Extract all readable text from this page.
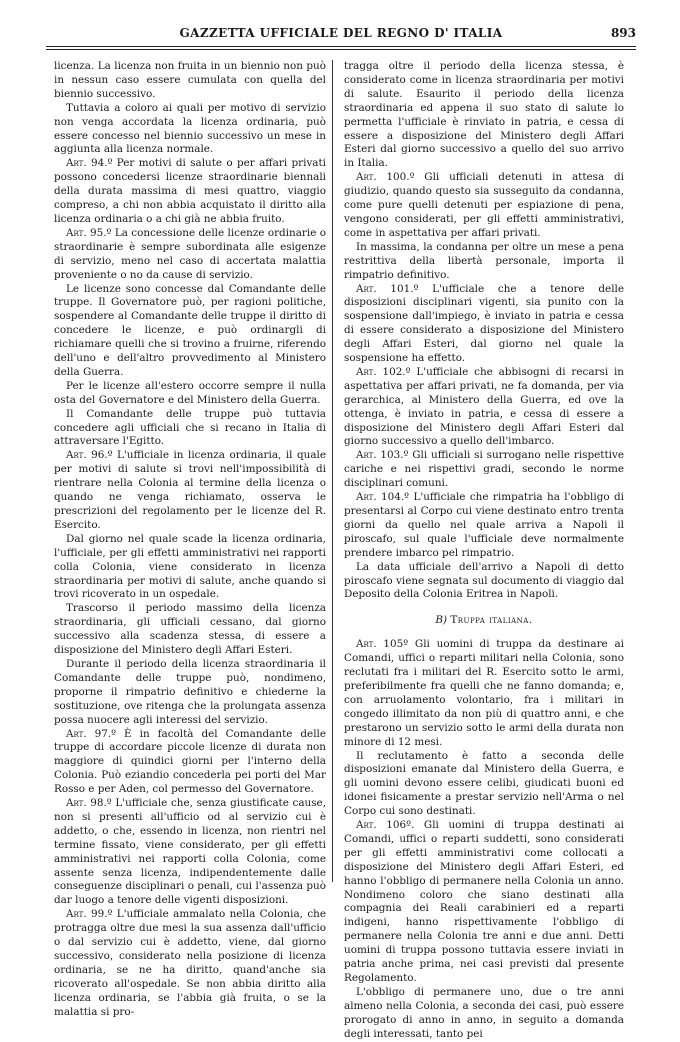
GAZZETTA UFFICIALE DEL REGNO D' ITALIA	893

licenza. La licenza non fruita in un biennio non può in nessun caso essere cumulata con quella del biennio successivo.

Tuttavia a coloro ai quali per motivo di servizio non venga accordata la licenza ordinaria, può essere concesso nel biennio successivo un mese in aggiunta alla licenza normale.

Art. 94.º Per motivi di salute o per affari privati possono concedersi licenze straordinarie biennali della durata massima di mesi quattro, viaggio compreso, a chi non abbia acquistato il diritto alla licenza ordinaria o a chi già ne abbia fruito.

Art. 95.º La concessione delle licenze ordinarie o straordinarie è sempre subordinata alle esigenze di servizio, meno nel caso di accertata malattia proveniente o no da cause di servizio.

Le licenze sono concesse dal Comandante delle truppe. Il Governatore può, per ragioni politiche, sospendere al Comandante delle truppe il diritto di concedere le licenze, e può ordinargli di richiamare quelli che si trovino a fruirne, riferendo dell'uno e dell'altro provvedimento al Ministero della Guerra.

Per le licenze all'estero occorre sempre il nulla osta del Governatore e del Ministero della Guerra.

Il Comandante delle truppe può tuttavia concedere agli ufficiali che si recano in Italia di attraversare l'Egitto.

Art. 96.º L'ufficiale in licenza ordinaria, il quale per motivi di salute si trovi nell'impossibilità di rientrare nella Colonia al termine della licenza o quando ne venga richiamato, osserva le prescrizioni del regolamento per le licenze del R. Esercito.

Dal giorno nel quale scade la licenza ordinaria, l'ufficiale, per gli effetti amministrativi nei rapporti colla Colonia, viene considerato in licenza straordinaria per motivi di salute, anche quando si trovi ricoverato in un ospedale.

Trascorso il periodo massimo della licenza straordinaria, gli ufficiali cessano, dal giorno successivo alla scadenza stessa, di essere a disposizione del Ministero degli Affari Esteri.

Durante il periodo della licenza straordinaria il Comandante delle truppe può, nondimeno, proporne il rimpatrio definitivo e chiederne la sostituzione, ove ritenga che la prolungata assenza possa nuocere agli interessi del servizio.

Art. 97.º È in facoltà del Comandante delle truppe di accordare piccole licenze di durata non maggiore di quindici giorni per l'interno della Colonia. Può eziandio concederla pei porti del Mar Rosso e per Aden, col permesso del Governatore.

Art. 98.º L'ufficiale che, senza giustificate cause, non si presenti all'ufficio od al servizio cui è addetto, o che, essendo in licenza, non rientri nel termine fissato, viene considerato, per gli effetti amministrativi nei rapporti colla Colonia, come assente senza licenza, indipendentemente dalle conseguenze disciplinari o penali, cui l'assenza può dar luogo a tenore delle vigenti disposizioni.

Art. 99.º L'ufficiale ammalato nella Colonia, che protragga oltre due mesi la sua assenza dall'ufficio o dal servizio cui è addetto, viene, dal giorno successivo, considerato nella posizione di licenza ordinaria, se ne ha diritto, quand'anche sia ricoverato all'ospedale. Se non abbia diritto alla licenza ordinaria, se l'abbia già fruita, o se la malattia si pro-

tragga oltre il periodo della licenza stessa, è considerato come in licenza straordinaria per motivi di salute. Esaurito il periodo della licenza straordinaria ed appena il suo stato di salute lo permetta l'ufficiale è rinviato in patria, e cessa di essere a disposizione del Ministero degli Affari Esteri dal giorno successivo a quello del suo arrivo in Italia.

Art. 100.º Gli ufficiali detenuti in attesa di giudizio, quando questo sia susseguito da condanna, come pure quelli detenuti per espiazione di pena, vengono considerati, per gli effetti amministrativi, come in aspettativa per affari privati.

In massima, la condanna per oltre un mese a pena restrittiva della libertà personale, importa il rimpatrio definitivo.

Art. 101.º L'ufficiale che a tenore delle disposizioni disciplinari vigenti, sia punito con la sospensione dall'impiego, è inviato in patria e cessa di essere considerato a disposizione del Ministero degli Affari Esteri, dal giorno nel quale la sospensione ha effetto.

Art. 102.º L'ufficiale che abbisogni di recarsi in aspettativa per affari privati, ne fa domanda, per via gerarchica, al Ministero della Guerra, ed ove la ottenga, è inviato in patria, e cessa di essere a disposizione del Ministero degli Affari Esteri dal giorno successivo a quello dell'imbarco.

Art. 103.º Gli ufficiali si surrogano nelle rispettive cariche e nei rispettivi gradi, secondo le norme disciplinari comuni.

Art. 104.º L'ufficiale che rimpatria ha l'obbligo di presentarsi al Corpo cui viene destinato entro trenta giorni da quello nel quale arriva a Napoli il piroscafo, sul quale l'ufficiale deve normalmente prendere imbarco pel rimpatrio.

La data ufficiale dell'arrivo a Napoli di detto piroscafo viene segnata sul documento di viaggio dal Deposito della Colonia Eritrea in Napoli.

B) Truppa italiana.

Art. 105º Gli uomini di truppa da destinare ai Comandi, uffici o reparti militari nella Colonia, sono reclutati fra i militari del R. Esercito sotto le armi, preferibilmente fra quelli che ne fanno domanda; e, con arruolamento volontario, fra i militari in congedo illimitato da non più di quattro anni, e che prestarono un servizio sotto le armi della durata non minore di 12 mesi.

Il reclutamento è fatto a seconda delle disposizioni emanate dal Ministero della Guerra, e gli uomini devono essere celibi, giudicati buoni ed idonei fisicamente a prestar servizio nell'Arma o nel Corpo cui sono destinati.

Art. 106º. Gli uomini di truppa destinati ai Comandi, uffici o reparti suddetti, sono considerati per gli effetti amministrativi come collocati a disposizione del Ministero degli Affari Esteri, ed hanno l'obbligo di permanere nella Colonia un anno. Nondimeno coloro che siano destinati alla compagnia dei Reali carabinieri ed a reparti indigeni, hanno rispettivamente l'obbligo di permanere nella Colonia tre anni e due anni. Detti uomini di truppa possono tuttavia essere inviati in patria anche prima, nei casi previsti dal presente Regolamento.

L'obbligo di permanere uno, due o tre anni almeno nella Colonia, a seconda dei casi, può essere prorogato di anno in anno, in seguito a domanda degli interessati, tanto pei
